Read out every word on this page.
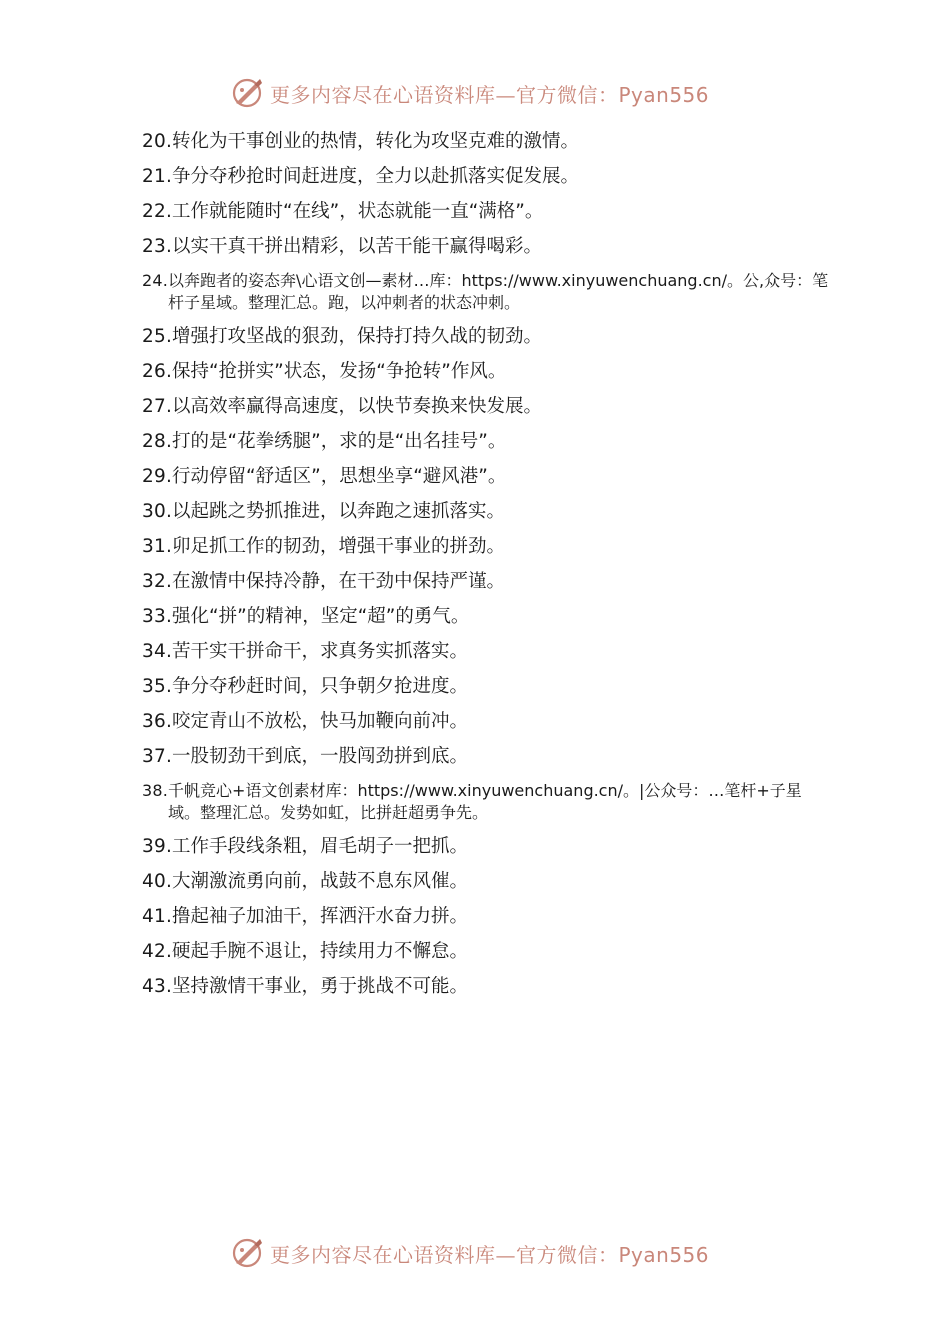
更多内容尽在心语资料库—官方微信：Pyan556
20. 转化为干事创业的热情，转化为攻坚克难的激情。
21. 争分夺秒抢时间赶进度，全力以赴抓落实促发展。
22. 工作就能随时“在线”，状态就能一直“满格”。
23. 以实干真干拼出精彩，以苦干能干赢得喝彩。
24. 以奔跑者的姿态奔\心语文创—素材…库：https://www.xinyuwenchuang.cn/。公,众号：笔杆子星域。整理汇总。跑，以冲刺者的状态冲刺。
25. 增强打攻坚战的狠劲，保持打持久战的韧劲。
26. 保持“抢拼实”状态，发扬“争抢转”作风。
27. 以高效率赢得高速度，以快节奏换来快发展。
28. 打的是“花拳绣腿”，求的是“出名挂号”。
29. 行动停留“舒适区”，思想坐享“避风港”。
30. 以起跳之势抓推进，以奔跑之速抓落实。
31. 卯足抓工作的韧劲，增强干事业的拼劲。
32. 在激情中保持冷静，在干劲中保持严谨。
33. 强化“拼”的精神，坚定“超”的勇气。
34. 苦干实干拼命干，求真务实抓落实。
35. 争分夺秒赶时间，只争朝夕抢进度。
36. 咬定青山不放松，快马加鞭向前冲。
37. 一股韧劲干到底，一股闯劲拼到底。
38. 千帆竞心+语文创素材库：https://www.xinyuwenchuang.cn/。|公众号：…笔杆+子星域。整理汇总。发势如虹，比拼赶超勇争先。
39. 工作手段线条粗，眉毛胡子一把抓。
40. 大潮激流勇向前，战鼓不息东风催。
41. 撸起袖子加油干，挥洒汗水奋力拼。
42. 硬起手腕不退让，持续用力不懈怠。
43. 坚持激情干事业，勇于挑战不可能。
更多内容尽在心语资料库—官方微信：Pyan556
